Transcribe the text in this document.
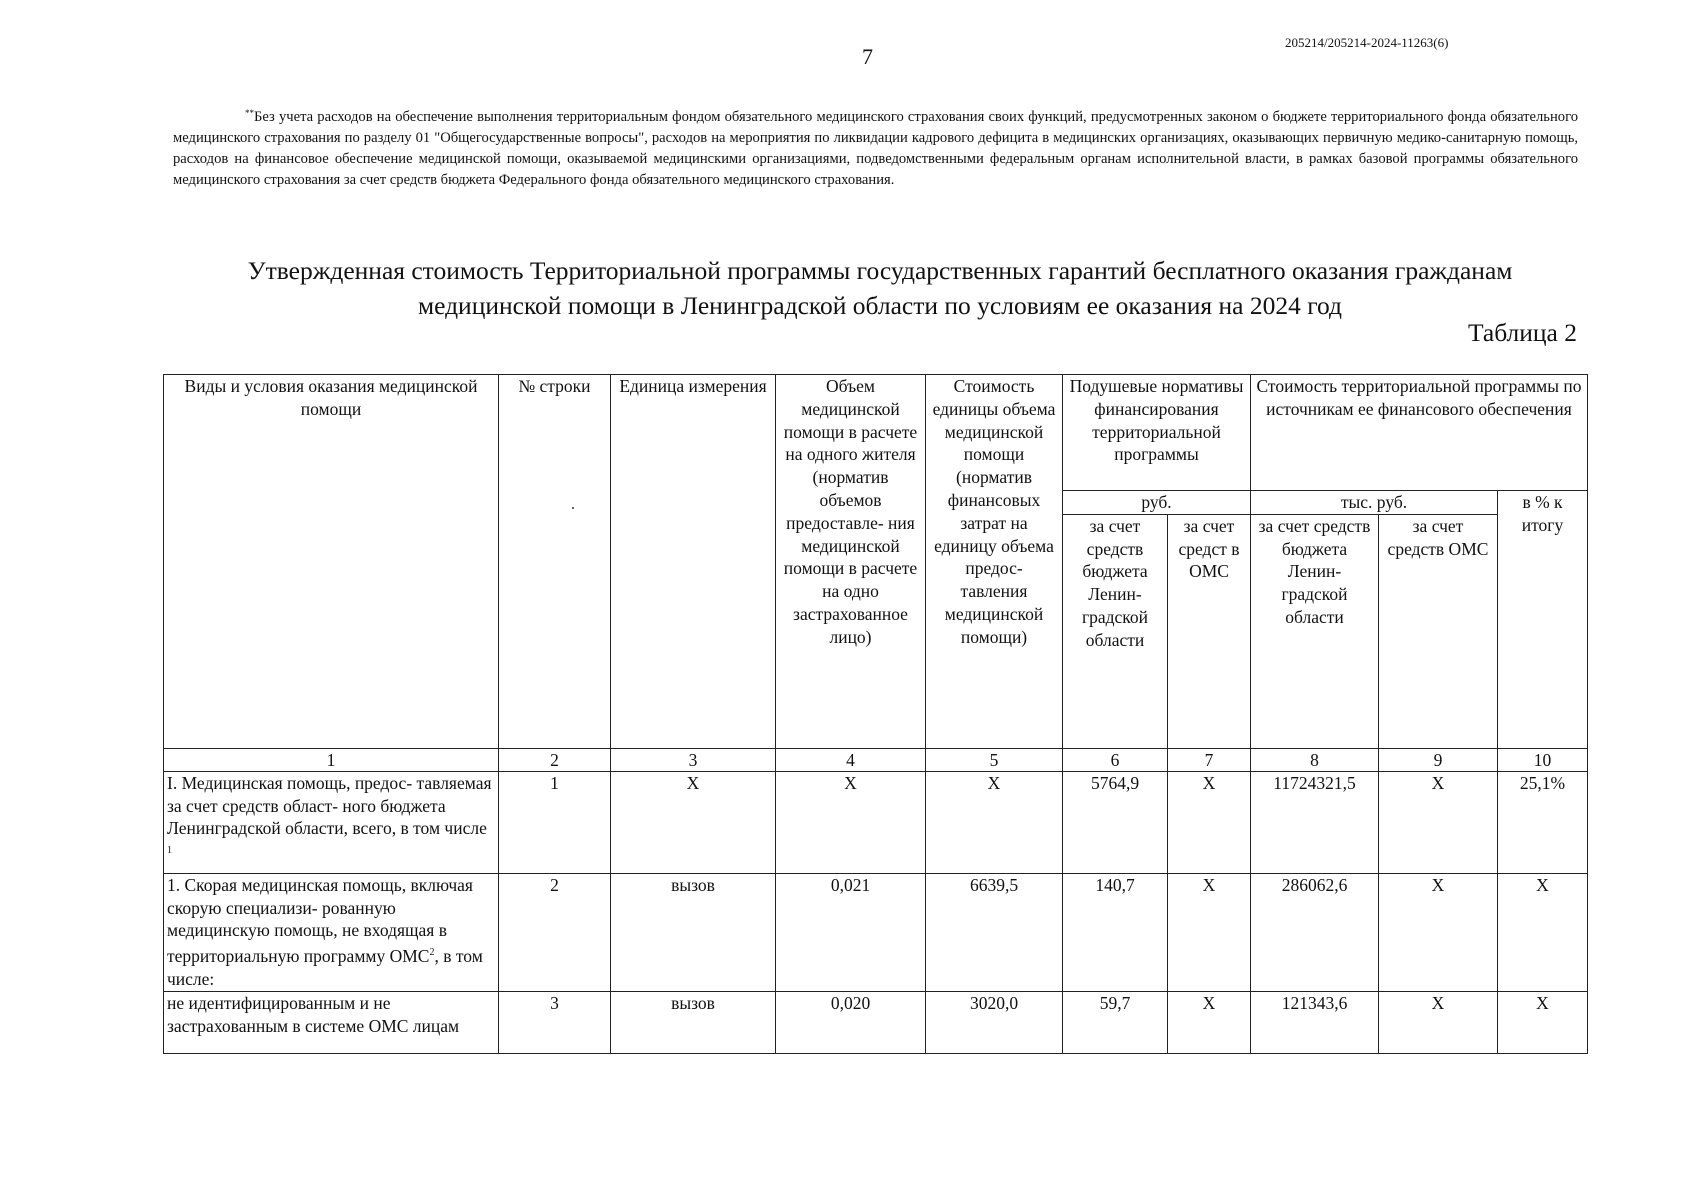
205214/205214-2024-11263(6)
7
**Без учета расходов на обеспечение выполнения территориальным фондом обязательного медицинского страхования своих функций, предусмотренных законом о бюджете территориального фонда обязательного медицинского страхования по разделу 01 "Общегосударственные вопросы", расходов на мероприятия по ликвидации кадрового дефицита в медицинских организациях, оказывающих первичную медико-санитарную помощь, расходов на финансовое обеспечение медицинской помощи, оказываемой медицинскими организациями, подведомственными федеральным органам исполнительной власти, в рамках базовой программы обязательного медицинского страхования за счет средств бюджета Федерального фонда обязательного медицинского страхования.
Утвержденная стоимость Территориальной программы государственных гарантий бесплатного оказания гражданам
медицинской помощи в Ленинградской области по условиям ее оказания на 2024 год
Таблица 2
Виды и условия оказания медицинской помощи	№ строки	Единица измерения	Объем медицинской помощи в расчете на одного жителя (норматив объемов предоставле- ния медицинской помощи в расчете на одно застрахованное лицо)	Стоимость единицы объема медицинской помощи (норматив финансовых затрат на единицу объема предос- тавления медицинской помощи)	Подушевые нормативы финансирования территориальной программы		Стоимость территориальной программы по источникам ее финансового обеспечения		
					руб.		тыс. руб.		в % к итогу
					за счет средств бюджета Ленин- градской области	за счет средст в ОМС	за счет средств бюджета Ленин- градской области	за счет средств ОМС	
1	2	3	4	5	6	7	8	9	10
I. Медицинская помощь, предос- тавляемая за счет средств област- ного бюджета Ленинградской области, всего, в том числе $^1$	1	X	X	X	5764,9	X	11724321,5	X	25,1%
1. Скорая медицинская помощь, включая скорую специализи- рованную медицинскую помощь, не входящая в территориальную программу ОМС$^2$, в том числе:	2	вызов	0,021	6639,5	140,7	X	286062,6	X	X
не идентифицированным и не застрахованным в системе ОМС лицам	3	вызов	0,020	3020,0	59,7	X	121343,6	X	X
